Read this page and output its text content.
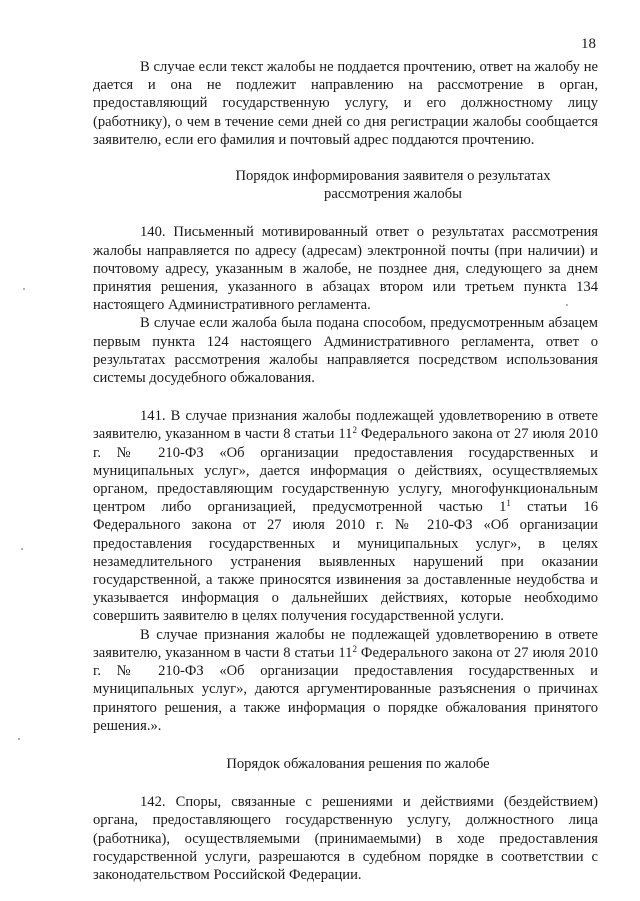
18

В случае если текст жалобы не поддается прочтению, ответ на жалобу не дается и она не подлежит направлению на рассмотрение в орган, предоставляющий государственную услугу, и его должностному лицу (работнику), о чем в течение семи дней со дня регистрации жалобы сообщается заявителю, если его фамилия и почтовый адрес поддаются прочтению.

Порядок информирования заявителя о результатах
рассмотрения жалобы

140. Письменный мотивированный ответ о результатах рассмотрения жалобы направляется по адресу (адресам) электронной почты (при наличии) и почтовому адресу, указанным в жалобе, не позднее дня, следующего за днем принятия решения, указанного в абзацах втором или третьем пункта 134 настоящего Административного регламента.

В случае если жалоба была подана способом, предусмотренным абзацем первым пункта 124 настоящего Административного регламента, ответ о результатах рассмотрения жалобы направляется посредством использования системы досудебного обжалования.

141. В случае признания жалобы подлежащей удовлетворению в ответе заявителю, указанном в части 8 статьи $11^2$ Федерального закона от 27 июля 2010 г. № 210-ФЗ «Об организации предоставления государственных и муниципальных услуг», дается информация о действиях, осуществляемых органом, предоставляющим государственную услугу, многофункциональным центром либо организацией, предусмотренной частью $1^1$ статьи 16 Федерального закона от 27 июля 2010 г. № 210-ФЗ «Об организации предоставления государственных и муниципальных услуг», в целях незамедлительного устранения выявленных нарушений при оказании государственной, а также приносятся извинения за доставленные неудобства и указывается информация о дальнейших действиях, которые необходимо совершить заявителю в целях получения государственной услуги.

В случае признания жалобы не подлежащей удовлетворению в ответе заявителю, указанном в части 8 статьи $11^2$ Федерального закона от 27 июля 2010 г. № 210-ФЗ «Об организации предоставления государственных и муниципальных услуг», даются аргументированные разъяснения о причинах принятого решения, а также информация о порядке обжалования принятого решения.».

Порядок обжалования решения по жалобе

142. Споры, связанные с решениями и действиями (бездействием) органа, предоставляющего государственную услугу, должностного лица (работника), осуществляемыми (принимаемыми) в ходе предоставления государственной услуги, разрешаются в судебном порядке в соответствии с законодательством Российской Федерации.
